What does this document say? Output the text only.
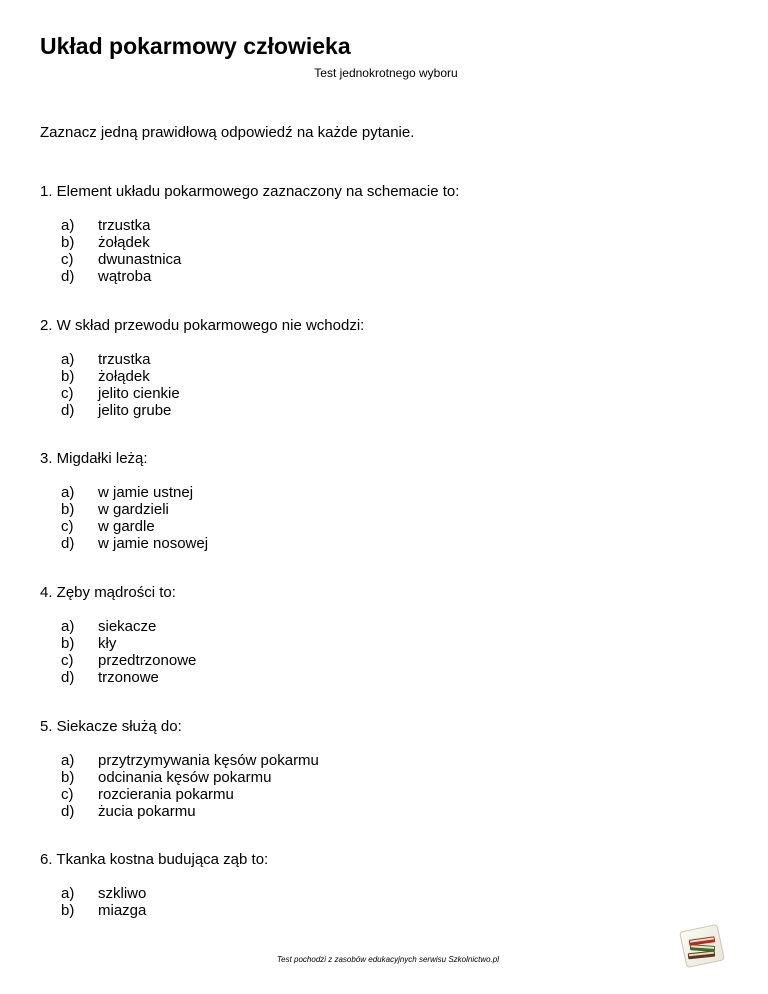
Układ pokarmowy człowieka
Test jednokrotnego wyboru
Zaznacz jedną prawidłową odpowiedź na każde pytanie.

1. Element układu pokarmowego zaznaczony na schemacie to:

a)	trzustka
b)	żołądek
c)	dwunastnica
d)	wątroba

2. W skład przewodu pokarmowego nie wchodzi:

a)	trzustka
b)	żołądek
c)	jelito cienkie
d)	jelito grube

3. Migdałki leżą:

a)	w jamie ustnej
b)	w gardzieli
c)	w gardle
d)	w jamie nosowej

4. Zęby mądrości to:

a)	siekacze
b)	kły
c)	przedtrzonowe
d)	trzonowe

5. Siekacze służą do:

a)	przytrzymywania kęsów pokarmu
b)	odcinania kęsów pokarmu
c)	rozcierania pokarmu
d)	żucia pokarmu

6. Tkanka kostna budująca ząb to:

a)	szkliwo
b)	miazga
Test pochodzi z zasobów edukacyjnych serwisu Szkolnictwo.pl
